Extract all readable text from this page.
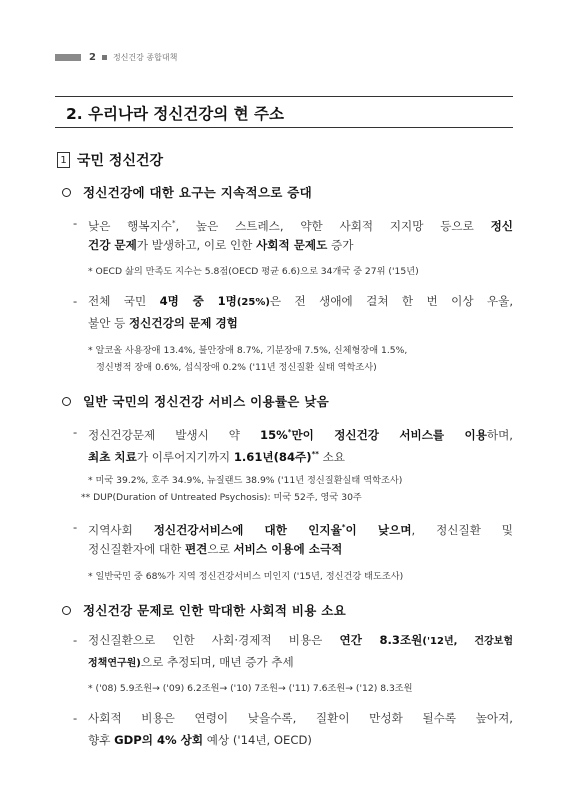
2 정신건강 종합대책
2. 우리나라 정신건강의 현 주소
1 국민 정신건강
정신건강에 대한 요구는 지속적으로 증대
- 낮은 행복지수*, 높은 스트레스, 약한 사회적 지지망 등으로 정신
건강 문제가 발생하고, 이로 인한 사회적 문제도 증가
* OECD 삶의 만족도 지수는 5.8점(OECD 평균 6.6)으로 34개국 중 27위 ('15년)
- 전체 국민 4명 중 1명(25%)은 전 생애에 걸쳐 한 번 이상 우울,
불안 등 정신건강의 문제 경험
* 알코올 사용장애 13.4%, 불안장애 8.7%, 기분장애 7.5%, 신체형장애 1.5%,
정신병적 장애 0.6%, 섭식장애 0.2% ('11년 정신질환 실태 역학조사)
일반 국민의 정신건강 서비스 이용률은 낮음
- 정신건강문제 발생시 약 15%*만이 정신건강 서비스를 이용하며,
최초 치료가 이루어지기까지 1.61년(84주)** 소요
* 미국 39.2%, 호주 34.9%, 뉴질랜드 38.9% ('11년 정신질환실태 역학조사)
** DUP(Duration of Untreated Psychosis): 미국 52주, 영국 30주
- 지역사회 정신건강서비스에 대한 인지율*이 낮으며, 정신질환 및
정신질환자에 대한 편견으로 서비스 이용에 소극적
* 일반국민 중 68%가 지역 정신건강서비스 미인지 ('15년, 정신건강 태도조사)
정신건강 문제로 인한 막대한 사회적 비용 소요
- 정신질환으로 인한 사회·경제적 비용은 연간 8.3조원('12년, 건강보험
정책연구원)으로 추정되며, 매년 증가 추세
* ('08) 5.9조원→ ('09) 6.2조원→ ('10) 7조원→ ('11) 7.6조원→ ('12) 8.3조원
- 사회적 비용은 연령이 낮을수록, 질환이 만성화 될수록 높아져,
향후 GDP의 4% 상회 예상 ('14년, OECD)
